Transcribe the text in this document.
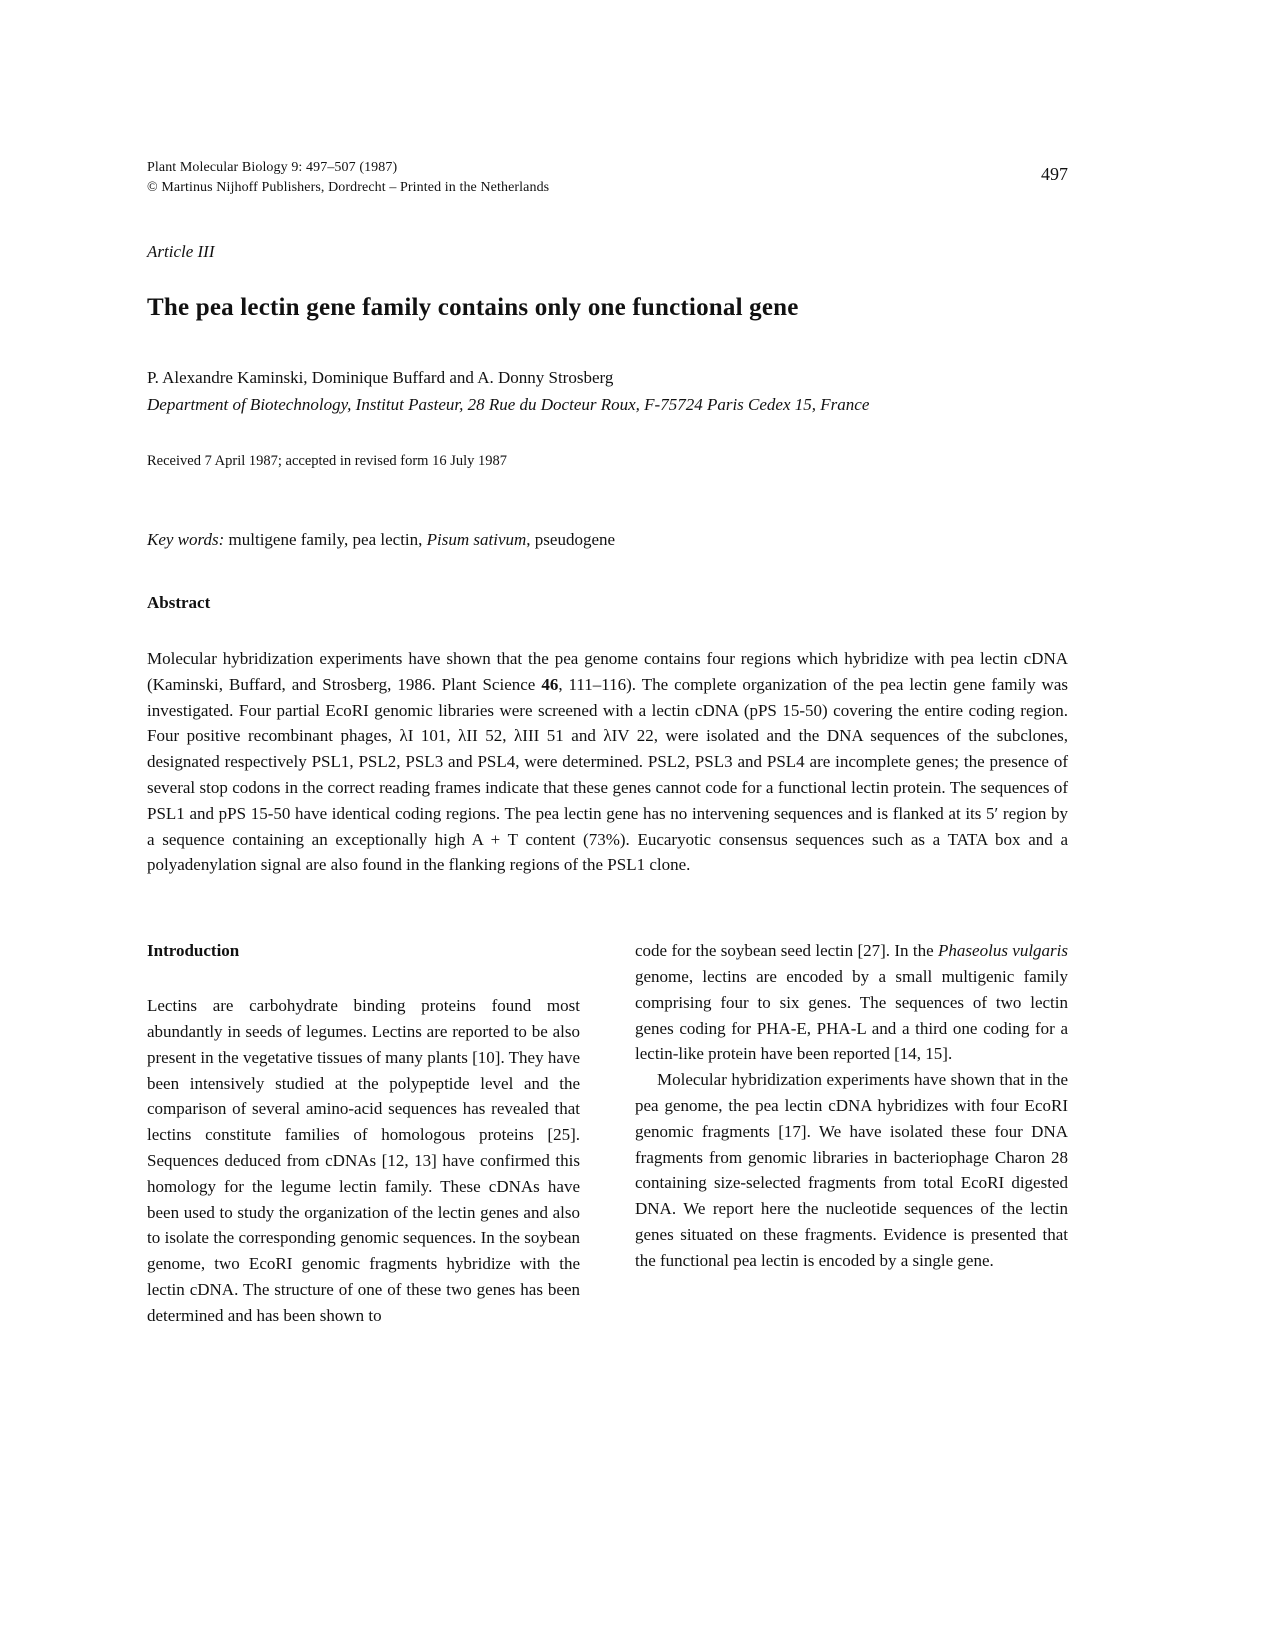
Plant Molecular Biology 9: 497–507 (1987)
© Martinus Nijhoff Publishers, Dordrecht – Printed in the Netherlands
497
Article III
The pea lectin gene family contains only one functional gene
P. Alexandre Kaminski, Dominique Buffard and A. Donny Strosberg
Department of Biotechnology, Institut Pasteur, 28 Rue du Docteur Roux, F-75724 Paris Cedex 15, France
Received 7 April 1987; accepted in revised form 16 July 1987
Key words: multigene family, pea lectin, Pisum sativum, pseudogene
Abstract

Molecular hybridization experiments have shown that the pea genome contains four regions which hybridize with pea lectin cDNA (Kaminski, Buffard, and Strosberg, 1986. Plant Science 46, 111–116). The complete organization of the pea lectin gene family was investigated. Four partial EcoRI genomic libraries were screened with a lectin cDNA (pPS 15-50) covering the entire coding region. Four positive recombinant phages, λI 101, λII 52, λIII 51 and λIV 22, were isolated and the DNA sequences of the subclones, designated respectively PSL1, PSL2, PSL3 and PSL4, were determined. PSL2, PSL3 and PSL4 are incomplete genes; the presence of several stop codons in the correct reading frames indicate that these genes cannot code for a functional lectin protein. The sequences of PSL1 and pPS 15-50 have identical coding regions. The pea lectin gene has no intervening sequences and is flanked at its 5′ region by a sequence containing an exceptionally high A + T content (73%). Eucaryotic consensus sequences such as a TATA box and a polyadenylation signal are also found in the flanking regions of the PSL1 clone.

Introduction

Lectins are carbohydrate binding proteins found most abundantly in seeds of legumes. Lectins are reported to be also present in the vegetative tissues of many plants [10]. They have been intensively studied at the polypeptide level and the comparison of several amino-acid sequences has revealed that lectins constitute families of homologous proteins [25]. Sequences deduced from cDNAs [12, 13] have confirmed this homology for the legume lectin family. These cDNAs have been used to study the organization of the lectin genes and also to isolate the corresponding genomic sequences. In the soybean genome, two EcoRI genomic fragments hybridize with the lectin cDNA. The structure of one of these two genes has been determined and has been shown to

code for the soybean seed lectin [27]. In the Phaseolus vulgaris genome, lectins are encoded by a small multigenic family comprising four to six genes. The sequences of two lectin genes coding for PHA-E, PHA-L and a third one coding for a lectin-like protein have been reported [14, 15].

Molecular hybridization experiments have shown that in the pea genome, the pea lectin cDNA hybridizes with four EcoRI genomic fragments [17]. We have isolated these four DNA fragments from genomic libraries in bacteriophage Charon 28 containing size-selected fragments from total EcoRI digested DNA. We report here the nucleotide sequences of the lectin genes situated on these fragments. Evidence is presented that the functional pea lectin is encoded by a single gene.
